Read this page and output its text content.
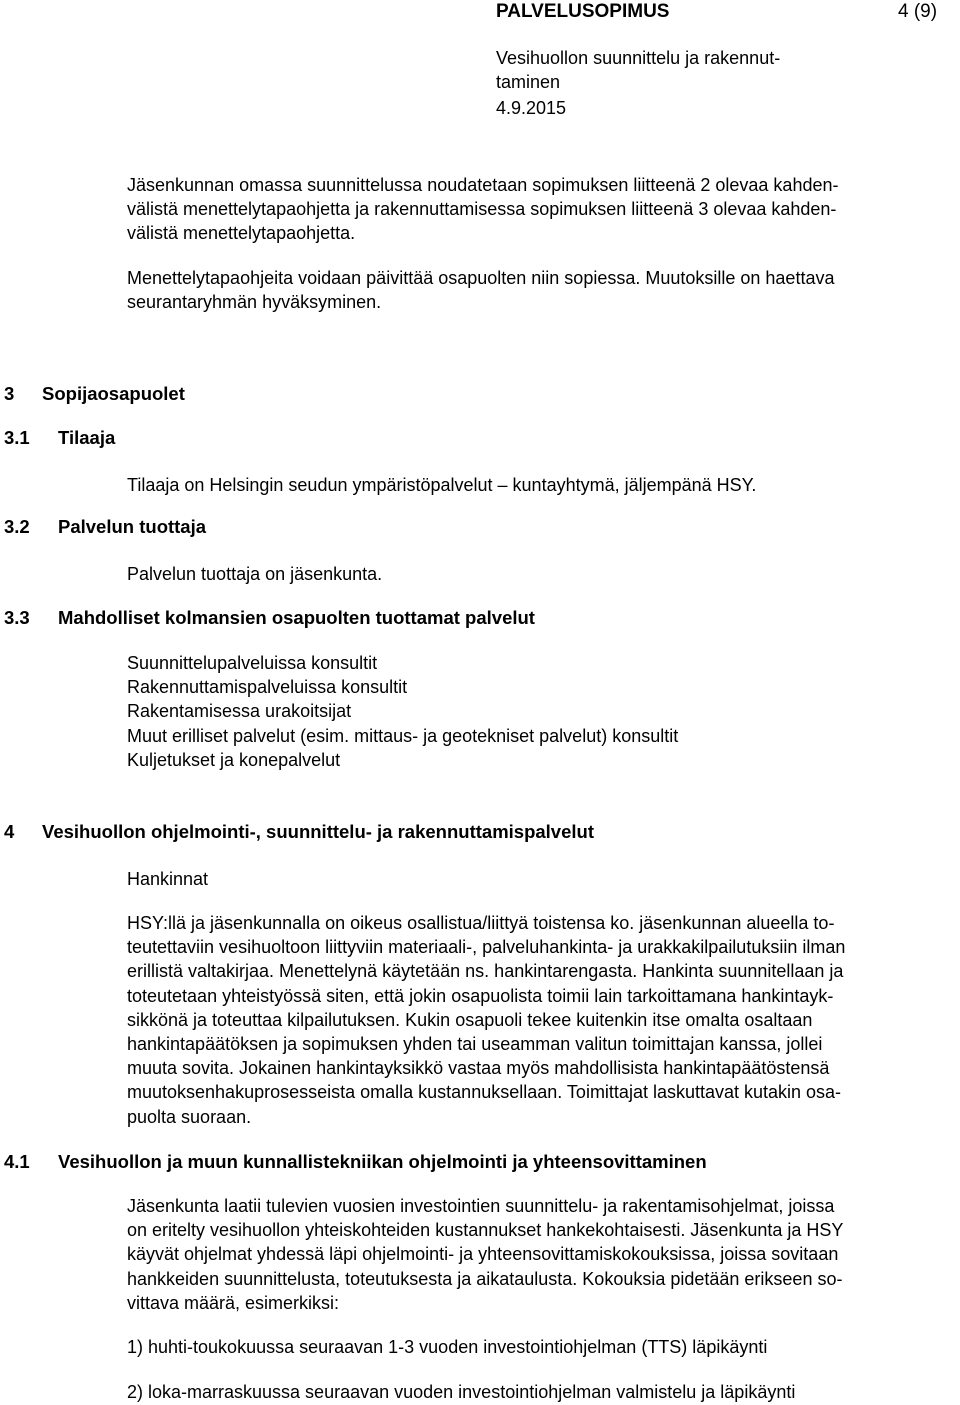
PALVELUSOPIMUS	4 (9)
Vesihuollon suunnittelu ja rakennut-
taminen
4.9.2015
Jäsenkunnan omassa suunnittelussa noudatetaan sopimuksen liitteenä 2 olevaa kahden-
välistä menettelytapaohjetta ja rakennuttamisessa sopimuksen liitteenä 3 olevaa kahden-
välistä menettelytapaohjetta.
Menettelytapaohjeita voidaan päivittää osapuolten niin sopiessa. Muutoksille on haettava
seurantaryhmän hyväksyminen.
3 Sopijaosapuolet
3.1 Tilaaja
Tilaaja on Helsingin seudun ympäristöpalvelut – kuntayhtymä, jäljempänä HSY.
3.2 Palvelun tuottaja
Palvelun tuottaja on jäsenkunta.
3.3 Mahdolliset kolmansien osapuolten tuottamat palvelut
Suunnittelupalveluissa konsultit
Rakennuttamispalveluissa konsultit
Rakentamisessa urakoitsijat
Muut erilliset palvelut (esim. mittaus- ja geotekniset palvelut) konsultit
Kuljetukset ja konepalvelut
4 Vesihuollon ohjelmointi-, suunnittelu- ja rakennuttamispalvelut
Hankinnat
HSY:llä ja jäsenkunnalla on oikeus osallistua/liittyä toistensa ko. jäsenkunnan alueella to-
teutettaviin vesihuoltoon liittyviin materiaali-, palveluhankinta- ja urakkakilpailutuksiin ilman
erillistä valtakirjaa. Menettelynä käytetään ns. hankintarengasta. Hankinta suunnitellaan ja
toteutetaan yhteistyössä siten, että jokin osapuolista toimii lain tarkoittamana hankintayk-
sikkönä ja toteuttaa kilpailutuksen. Kukin osapuoli tekee kuitenkin itse omalta osaltaan
hankintapäätöksen ja sopimuksen yhden tai useamman valitun toimittajan kanssa, jollei
muuta sovita. Jokainen hankintayksikkö vastaa myös mahdollisista hankintapäätöstensä
muutoksenhakuprosesseista omalla kustannuksellaan. Toimittajat laskuttavat kutakin osa-
puolta suoraan.
4.1 Vesihuollon ja muun kunnallistekniikan ohjelmointi ja yhteensovittaminen
Jäsenkunta laatii tulevien vuosien investointien suunnittelu- ja rakentamisohjelmat, joissa
on eritelty vesihuollon yhteiskohteiden kustannukset hankekohtaisesti. Jäsenkunta ja HSY
käyvät ohjelmat yhdessä läpi ohjelmointi- ja yhteensovittamiskokouksissa, joissa sovitaan
hankkeiden suunnittelusta, toteutuksesta ja aikataulusta. Kokouksia pidetään erikseen so-
vittava määrä, esimerkiksi:
1) huhti-toukokuussa seuraavan 1-3 vuoden investointiohjelman (TTS) läpikäynti
2) loka-marraskuussa seuraavan vuoden investointiohjelman valmistelu ja läpikäynti
